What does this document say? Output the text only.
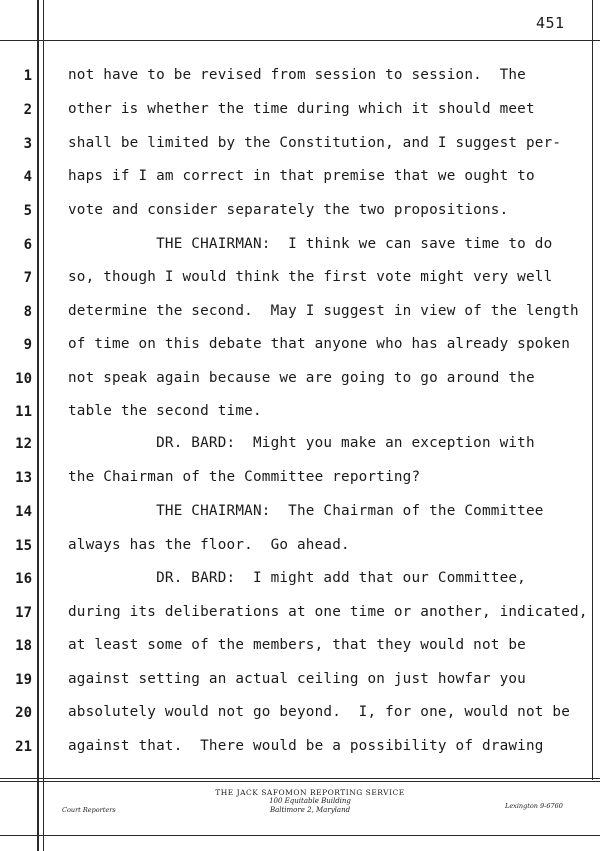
451
1
2
3
4
5
6
7
8
9
10
11
12
13
14
15
16
17
18
19
20
21
not have to be revised from session to session.  The
other is whether the time during which it should meet
shall be limited by the Constitution, and I suggest per-
haps if I am correct in that premise that we ought to
vote and consider separately the two propositions.
THE CHAIRMAN:  I think we can save time to do
so, though I would think the first vote might very well
determine the second.  May I suggest in view of the length
of time on this debate that anyone who has already spoken
not speak again because we are going to go around the
table the second time.
DR. BARD:  Might you make an exception with
the Chairman of the Committee reporting?
THE CHAIRMAN:  The Chairman of the Committee
always has the floor.  Go ahead.
DR. BARD:  I might add that our Committee,
during its deliberations at one time or another, indicated,
at least some of the members, that they would not be
against setting an actual ceiling on just howfar you
absolutely would not go beyond.  I, for one, would not be
against that.  There would be a possibility of drawing
THE JACK SAFOMON REPORTING SERVICE
100 Equitable Building
Baltimore 2, Maryland
Court Reporters	Lexington 9-6760
